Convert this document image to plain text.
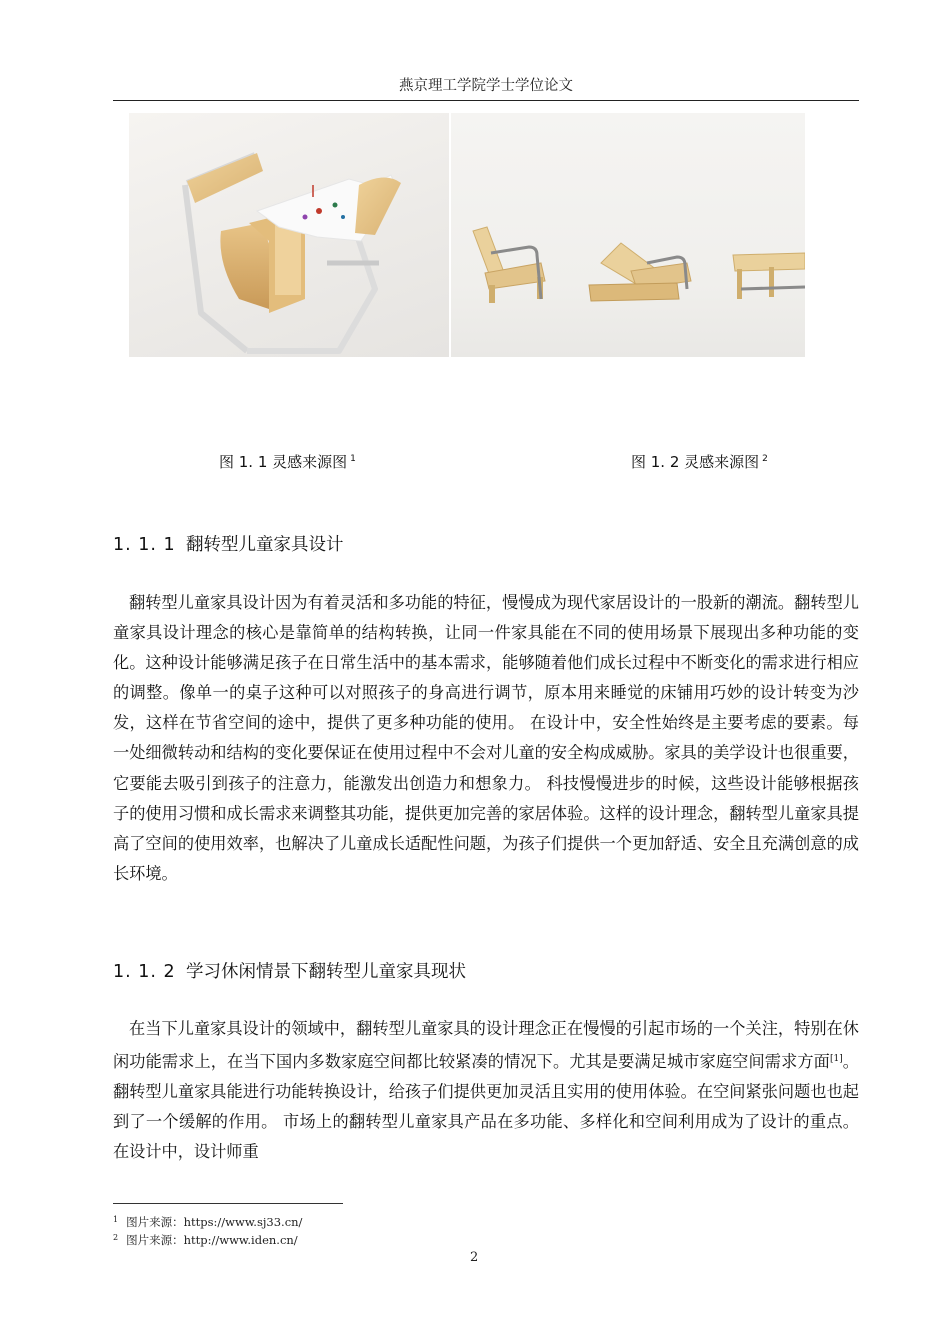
燕京理工学院学士学位论文
图 1. 1 灵感来源图 $^1$	图 1. 2 灵感来源图 $^2$
1. 1. 1 翻转型儿童家具设计
翻转型儿童家具设计因为有着灵活和多功能的特征，慢慢成为现代家居设计的一股新的潮流。翻转型儿童家具设计理念的核心是靠简单的结构转换，让同一件家具能在不同的使用场景下展现出多种功能的变化。这种设计能够满足孩子在日常生活中的基本需求，能够随着他们成长过程中不断变化的需求进行相应的调整。像单一的桌子这种可以对照孩子的身高进行调节，原本用来睡觉的床铺用巧妙的设计转变为沙发，这样在节省空间的途中，提供了更多种功能的使用。 在设计中，安全性始终是主要考虑的要素。每一处细微转动和结构的变化要保证在使用过程中不会对儿童的安全构成威胁。家具的美学设计也很重要，它要能去吸引到孩子的注意力，能激发出创造力和想象力。 科技慢慢进步的时候，这些设计能够根据孩子的使用习惯和成长需求来调整其功能，提供更加完善的家居体验。这样的设计理念，翻转型儿童家具提高了空间的使用效率，也解决了儿童成长适配性问题，为孩子们提供一个更加舒适、安全且充满创意的成长环境。
1. 1. 2 学习休闲情景下翻转型儿童家具现状
在当下儿童家具设计的领域中，翻转型儿童家具的设计理念正在慢慢的引起市场的一个关注，特别在休闲功能需求上，在当下国内多数家庭空间都比较紧凑的情况下。尤其是要满足城市家庭空间需求方面[1]。翻转型儿童家具能进行功能转换设计，给孩子们提供更加灵活且实用的使用体验。在空间紧张问题也也起到了一个缓解的作用。 市场上的翻转型儿童家具产品在多功能、多样化和空间利用成为了设计的重点。在设计中，设计师重
$^1$ 图片来源：https://www.sj33.cn/
$^2$ 图片来源：http://www.iden.cn/
2
